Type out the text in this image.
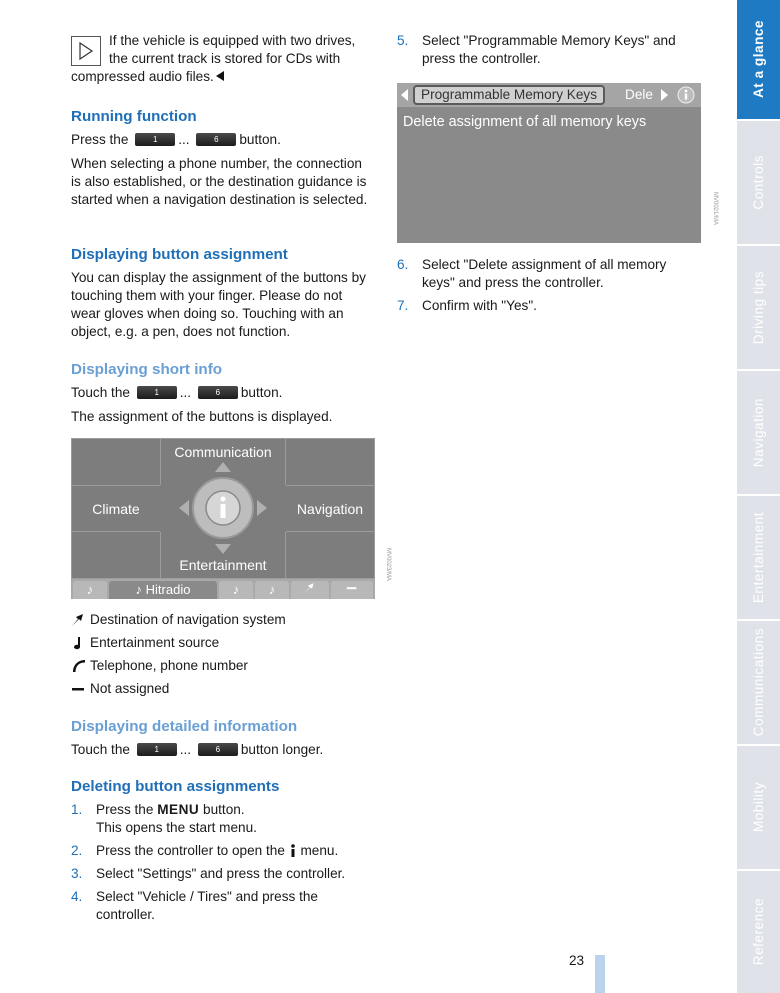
If the vehicle is equipped with two drives,
the current track is stored for CDs with
compressed audio files.
Running function

Press the	1 ...	6 button.

When selecting a phone number, the connection is also established, or the destination guidance is started when a navigation destination is selected.

Displaying button assignment

You can display the assignment of the buttons by touching them with your finger. Please do not wear gloves when doing so. Touching with an object, e.g. a pen, does not function.

Displaying short info

Touch the	1 ...	6 button.

The assignment of the buttons is displayed.

Destination of navigation system
Entertainment source
Telephone, phone number
Not assigned
Displaying detailed information

Touch the	1 ...	6 button longer.

Deleting button assignments
1. Press the MENU button.
This opens the start menu.
2. Press the controller to open the menu.
3. Select "Settings" and press the controller.
4. Select "Vehicle / Tires" and press the controller.
Communication
Climate	Navigation
Entertainment
♪	♪ Hitradio	♪	♪
MV0023/MA
5. Select "Programmable Memory Keys" and press the controller.
Programmable Memory Keys	Dele
Delete assignment of all memory keys
MV0021/MA
6. Select "Delete assignment of all memory keys" and press the controller.
7. Confirm with "Yes".
At a glance
Controls
Driving tips
Navigation
Entertainment
Communications
Mobility
Reference
23
